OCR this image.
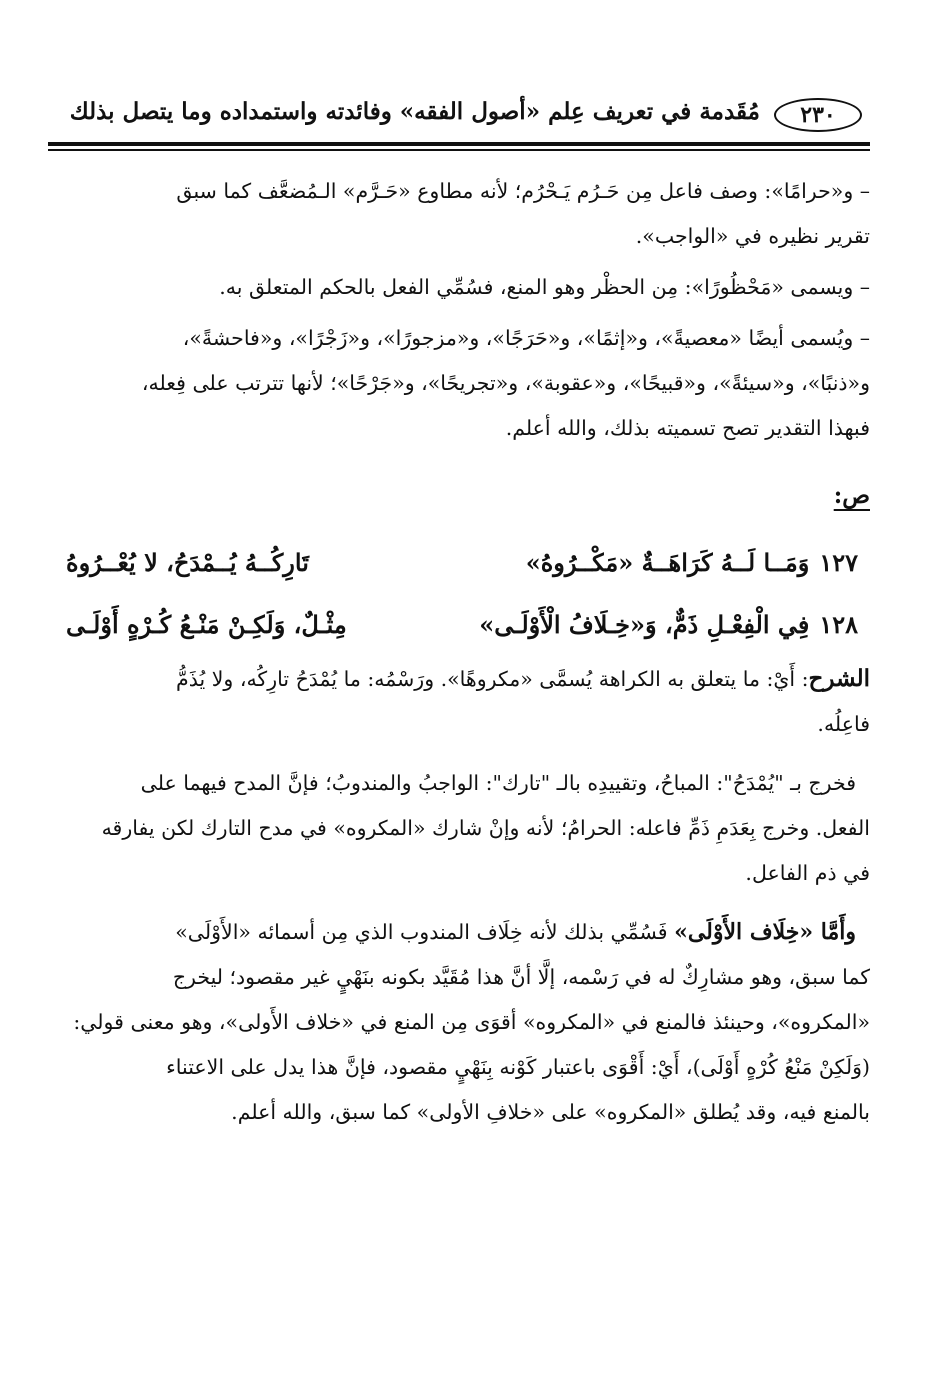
٢٣٠
مُقَدمة في تعريف عِلم «أصول الفقه» وفائدته واستمداده وما يتصل بذلك

– و«حرامًا»: وصف فاعل مِن حَـرُم يَـحْرُم؛ لأنه مطاوع «حَـرَّم» الـمُضعَّف كما سبق
تقرير نظيره في «الواجب».

– ويسمى «مَحْظُورًا»: مِن الحظْر وهو المنع، فسُمِّي الفعل بالحكم المتعلق به.

– ويُسمى أيضًا «معصيةً»، و«إثمًا»، و«حَرَجًا»، و«مزجورًا»، و«زَجْرًا»، و«فاحشةً»،
و«ذنبًا»، و«سيئةً»، و«قبيحًا»، و«عقوبة»، و«تجريحًا»، و«جَرْحًا»؛ لأنها تترتب على فِعله،
فبهذا التقدير تصح تسميته بذلك، والله أعلم.

ص:
١٢٧وَمَــا لَــهُ كَرَاهَــةٌ «مَكْــرُوهُ»
تَارِكُــهُ يُــمْدَحُ، لا يُعْــرُوهُ
١٢٨فِي الْفِعْـلِ ذَمٌّ، وَ«خِـلَافُ الْأَوْلَـى»
مِثْـلٌ، وَلَكِـنْ مَنْـعُ كُـرْهٍ أَوْلَـى

الشرح: أَيْ: ما يتعلق به الكراهة يُسمَّى «مكروهًا». ورَسْمُه: ما يُمْدَحُ تارِكُه، ولا يُذَمُّ
فاعِلُه.

فخرج بـ "يُمْدَحُ": المباحُ، وتقييدِه بالـ "تارك": الواجبُ والمندوبُ؛ فإنَّ المدح فيهما على
الفعل. وخرج بِعَدَمِ ذَمِّ فاعله: الحرامُ؛ لأنه وإنْ شارك «المكروه» في مدح التارك لكن يفارقه
في ذم الفاعل.

وأَمَّا «خِلَاف الأَوْلَى» فَسُمِّي بذلك لأنه خِلَاف المندوب الذي مِن أسمائه «الأَوْلَى»
كما سبق، وهو مشارِكٌ له في رَسْمه، إلَّا أنَّ هذا مُقَيَّد بكونه بنَهْيٍ غير مقصود؛ ليخرج
«المكروه»، وحينئذ فالمنع في «المكروه» أقوَى مِن المنع في «خلاف الأَولى»، وهو معنى قولي:
(وَلَكِنْ مَنْعُ كُرْهٍ أَوْلَى)، أَيْ: أَقْوَى باعتبار كَوْنه بِنَهْيٍ مقصود، فإنَّ هذا يدل على الاعتناء
بالمنع فيه، وقد يُطلق «المكروه» على «خلافِ الأولى» كما سبق، والله أعلم.
